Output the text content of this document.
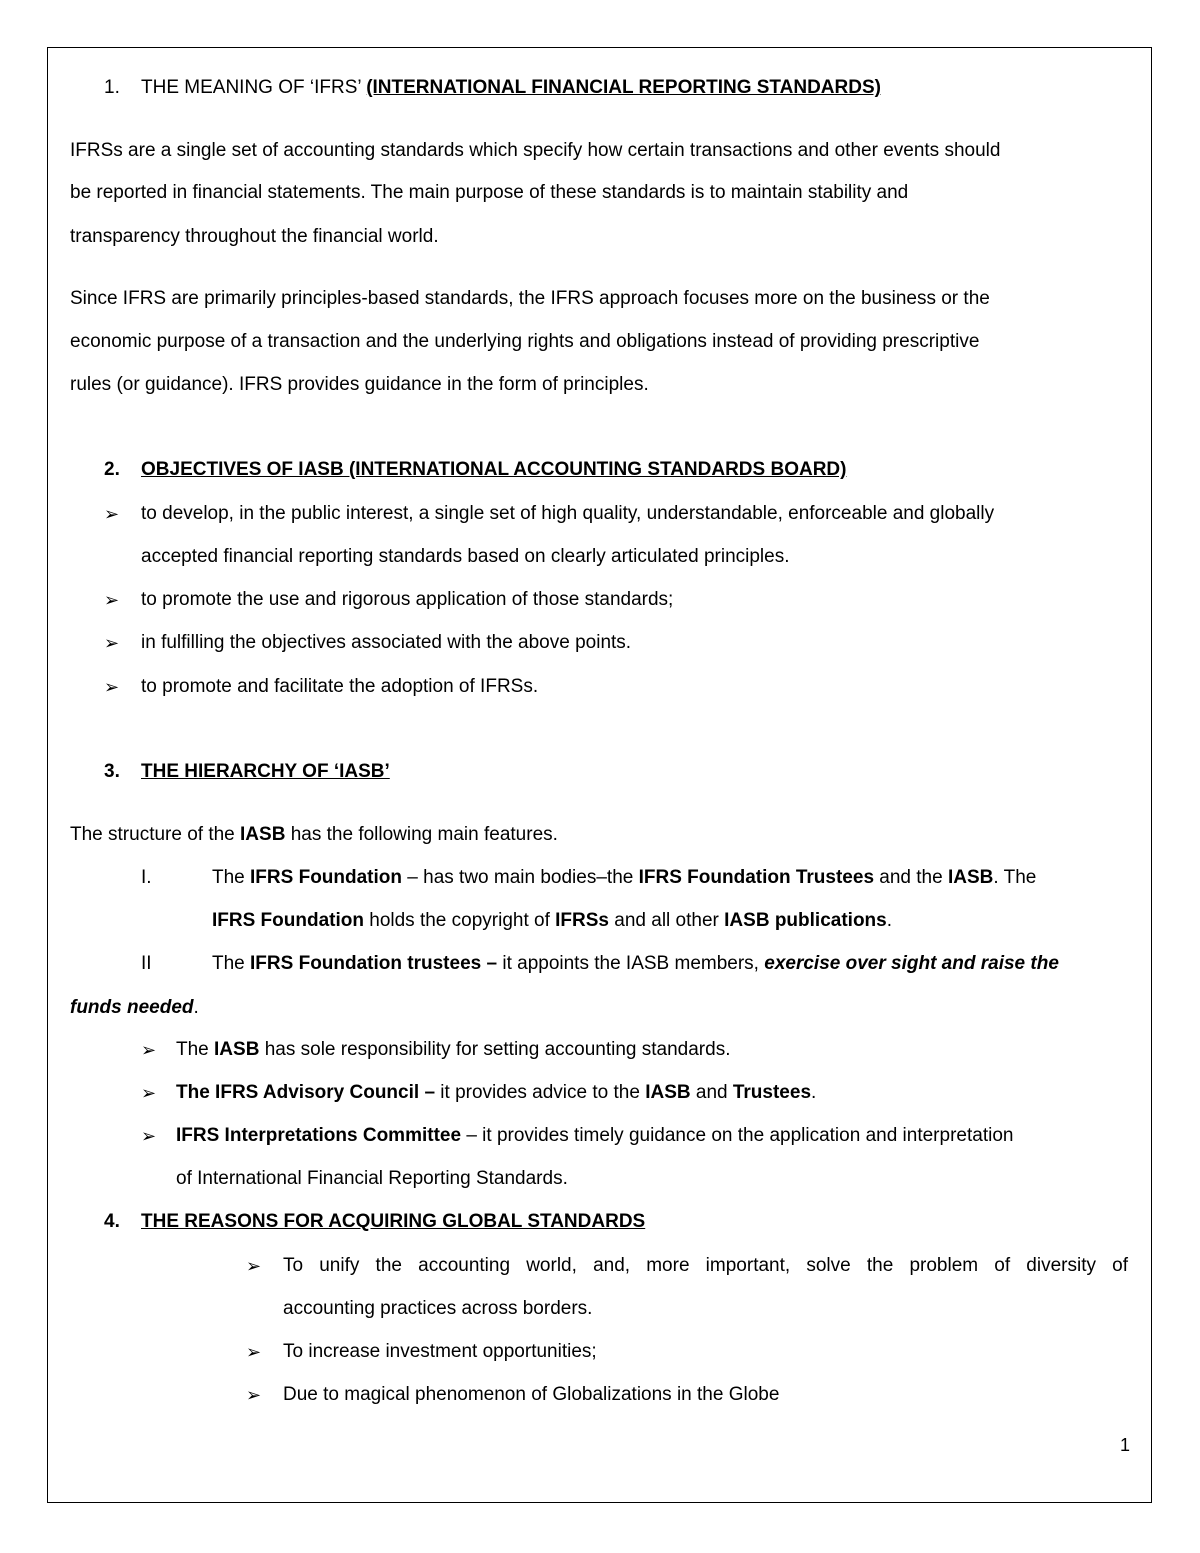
1. THE MEANING OF ‘IFRS’ (INTERNATIONAL FINANCIAL REPORTING STANDARDS)
IFRSs are a single set of accounting standards which specify how certain transactions and other events should
be reported in financial statements. The main purpose of these standards is to maintain stability and
transparency throughout the financial world.
Since IFRS are primarily principles-based standards, the IFRS approach focuses more on the business or the
economic purpose of a transaction and the underlying rights and obligations instead of providing prescriptive
rules (or guidance). IFRS provides guidance in the form of principles.
2. OBJECTIVES OF IASB (INTERNATIONAL ACCOUNTING STANDARDS BOARD)
➢ to develop, in the public interest, a single set of high quality, understandable, enforceable and globally
accepted financial reporting standards based on clearly articulated principles.
➢ to promote the use and rigorous application of those standards;
➢ in fulfilling the objectives associated with the above points.
➢ to promote and facilitate the adoption of IFRSs.
3. THE HIERARCHY OF ‘IASB’
The structure of the IASB has the following main features.
I.	The IFRS Foundation – has two main bodies–the IFRS Foundation Trustees and the IASB. The
IFRS Foundation holds the copyright of IFRSs and all other IASB publications.
II	The IFRS Foundation trustees – it appoints the IASB members, exercise over sight and raise the
funds needed.
➢ The IASB has sole responsibility for setting accounting standards.
➢ The IFRS Advisory Council – it provides advice to the IASB and Trustees.
➢ IFRS Interpretations Committee – it provides timely guidance on the application and interpretation
of International Financial Reporting Standards.
4. THE REASONS FOR ACQUIRING GLOBAL STANDARDS
➢ To unify the accounting world, and, more important, solve the problem of diversity of
accounting practices across borders.
➢ To increase investment opportunities;
➢ Due to magical phenomenon of Globalizations in the Globe
1
